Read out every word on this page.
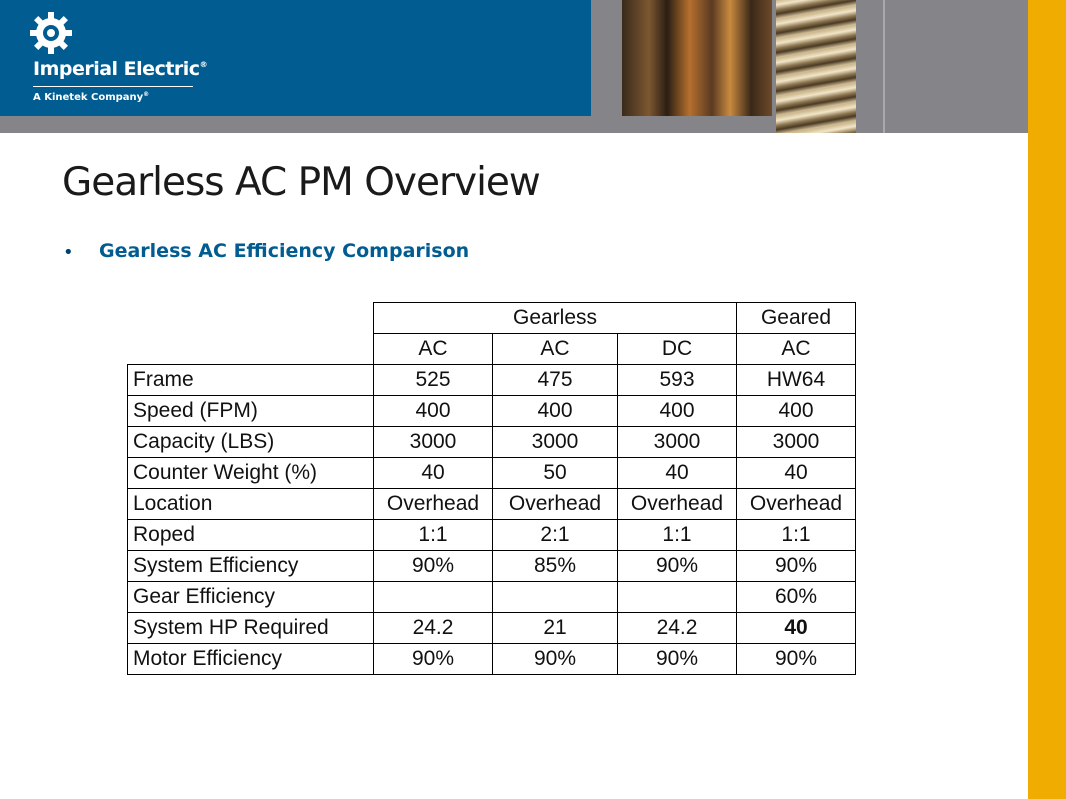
Imperial Electric®
A Kinetek Company®
Gearless AC PM Overview
• Gearless AC Efficiency Comparison
	Gearless			Geared
	AC	AC	DC	AC
Frame	525	475	593	HW64
Speed (FPM)	400	400	400	400
Capacity (LBS)	3000	3000	3000	3000
Counter Weight (%)	40	50	40	40
Location	Overhead	Overhead	Overhead	Overhead
Roped	1:1	2:1	1:1	1:1
System Efficiency	90%	85%	90%	90%
Gear Efficiency				60%
System HP Required	24.2	21	24.2	40
Motor Efficiency	90%	90%	90%	90%
